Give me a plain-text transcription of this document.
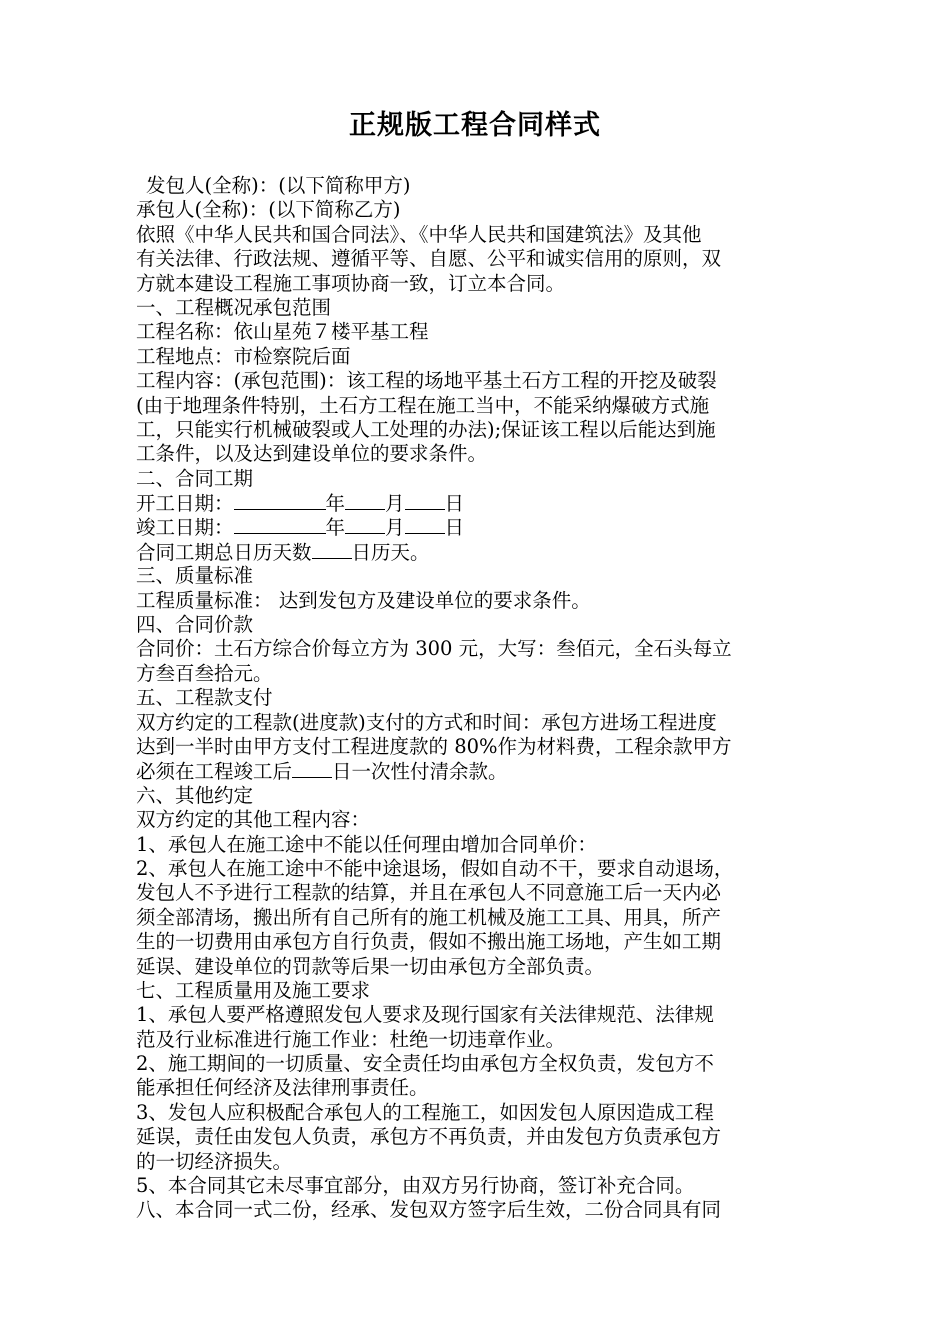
正规版工程合同样式
发包人(全称)：(以下简称甲方)
承包人(全称)：(以下简称乙方)
依照《中华人民共和国合同法》、《中华人民共和国建筑法》及其他
有关法律、行政法规、遵循平等、自愿、公平和诚实信用的原则，双
方就本建设工程施工事项协商一致，订立本合同。
一、工程概况承包范围
工程名称：依山星苑７楼平基工程
工程地点：市检察院后面
工程内容：(承包范围)：该工程的场地平基土石方工程的开挖及破裂
(由于地理条件特别，土石方工程在施工当中，不能采纳爆破方式施
工，只能实行机械破裂或人工处理的办法);保证该工程以后能达到施
工条件，以及达到建设单位的要求条件。
二、合同工期
开工日期：	年 月 日
竣工日期：	年 月 日
合同工期总日历天数 日历天。
三、质量标准
工程质量标准： 达到发包方及建设单位的要求条件。
四、合同价款
合同价：土石方综合价每立方为 300 元，大写：叁佰元，全石头每立
方叁百叁拾元。
五、工程款支付
双方约定的工程款(进度款)支付的方式和时间：承包方进场工程进度
达到一半时由甲方支付工程进度款的 80%作为材料费，工程余款甲方
必须在工程竣工后 日一次性付清余款。
六、其他约定
双方约定的其他工程内容：
1、承包人在施工途中不能以任何理由增加合同单价：
2、承包人在施工途中不能中途退场，假如自动不干，要求自动退场，
发包人不予进行工程款的结算，并且在承包人不同意施工后一天内必
须全部清场，搬出所有自己所有的施工机械及施工工具、用具，所产
生的一切费用由承包方自行负责，假如不搬出施工场地，产生如工期
延误、建设单位的罚款等后果一切由承包方全部负责。
七、工程质量用及施工要求
1、承包人要严格遵照发包人要求及现行国家有关法律规范、法律规
范及行业标准进行施工作业：杜绝一切违章作业。
2、施工期间的一切质量、安全责任均由承包方全权负责，发包方不
能承担任何经济及法律刑事责任。
3、发包人应积极配合承包人的工程施工，如因发包人原因造成工程
延误，责任由发包人负责，承包方不再负责，并由发包方负责承包方
的一切经济损失。
5、本合同其它未尽事宜部分，由双方另行协商，签订补充合同。
八、本合同一式二份，经承、发包双方签字后生效，二份合同具有同
